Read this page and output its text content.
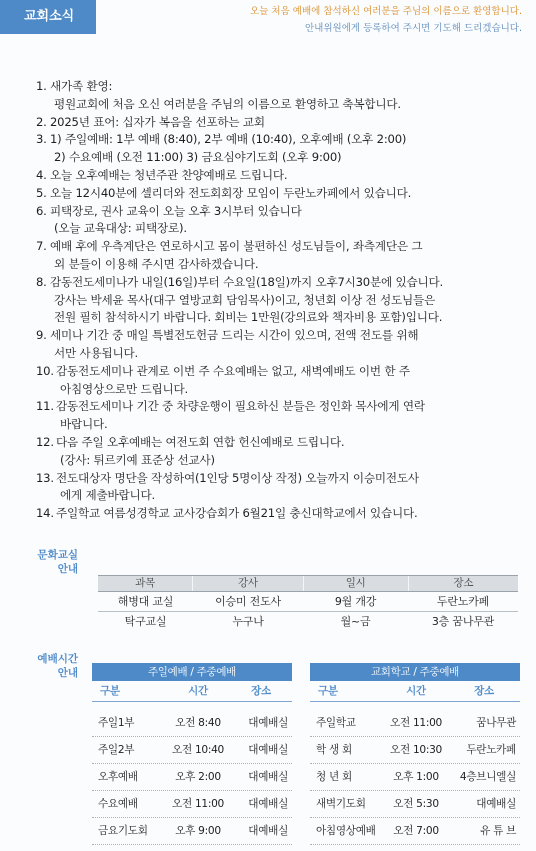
교회소식	오늘 처음 예배에 참석하신 여러분을 주님의 이름으로 환영합니다.
안내위원에게 등록하여 주시면 기도해 드리겠습니다.
1. 새가족 환영:
평원교회에 처음 오신 여러분을 주님의 이름으로 환영하고 축복합니다.
2. 2025년 표어: 십자가 복음을 선포하는 교회
3. 1) 주일예배: 1부 예배 (8:40), 2부 예배 (10:40), 오후예배 (오후 2:00)
2) 수요예배 (오전 11:00) 3) 금요심야기도회 (오후 9:00)
4. 오늘 오후예배는 청년주관 찬양예배로 드립니다.
5. 오늘 12시40분에 셀리더와 전도회회장 모임이 두란노카페에서 있습니다.
6. 피택장로, 권사 교육이 오늘 오후 3시부터 있습니다
(오늘 교육대상: 피택장로).
7. 예배 후에 우측계단은 연로하시고 몸이 불편하신 성도님들이, 좌측계단은 그
외 분들이 이용해 주시면 감사하겠습니다.
8. 감동전도세미나가 내일(16일)부터 수요일(18일)까지 오후7시30분에 있습니다.
강사는 박세윤 목사(대구 열방교회 담임목사)이고, 청년회 이상 전 성도님들은
전원 필히 참석하시기 바랍니다. 회비는 1만원(강의료와 책자비용 포함)입니다.
9. 세미나 기간 중 매일 특별전도헌금 드리는 시간이 있으며, 전액 전도를 위해
서만 사용됩니다.
10. 감동전도세미나 관계로 이번 주 수요예배는 없고, 새벽예배도 이번 한 주
아침영상으로만 드립니다.
11. 감동전도세미나 기간 중 차량운행이 필요하신 분들은 정인화 목사에게 연락
바랍니다.
12. 다음 주일 오후예배는 여전도회 연합 헌신예배로 드립니다.
(강사: 튀르키예 표준상 선교사)
13. 전도대상자 명단을 작성하여(1인당 5명이상 작정) 오늘까지 이승미전도사
에게 제출바랍니다.
14. 주일학교 여름성경학교 교사강습회가 6월21일 충신대학교에서 있습니다.
문화교실
안내
과목	강사	일시	장소
해병대 교실	이승미 전도사	9월 개강	두란노카페
탁구교실	누구나	월~금	3층 꿈나무관
예배시간
안내	주일예배 / 주중예배
구분	시간	장소
주일1부	오전 8:40	대예배실
주일2부	오전 10:40	대예배실
오후예배	오후 2:00	대예배실
수요예배	오전 11:00	대예배실
금요기도회	오후 9:00	대예배실
교회학교 / 주중예배
구분	시간	장소
주일학교	오전 11:00	꿈나무관
학 생 회	오전 10:30	두란노카페
청 년 회	오후 1:00	4층브니엘실
새벽기도회	오전 5:30	대예배실
아침영상예배	오전 7:00	유 튜 브
